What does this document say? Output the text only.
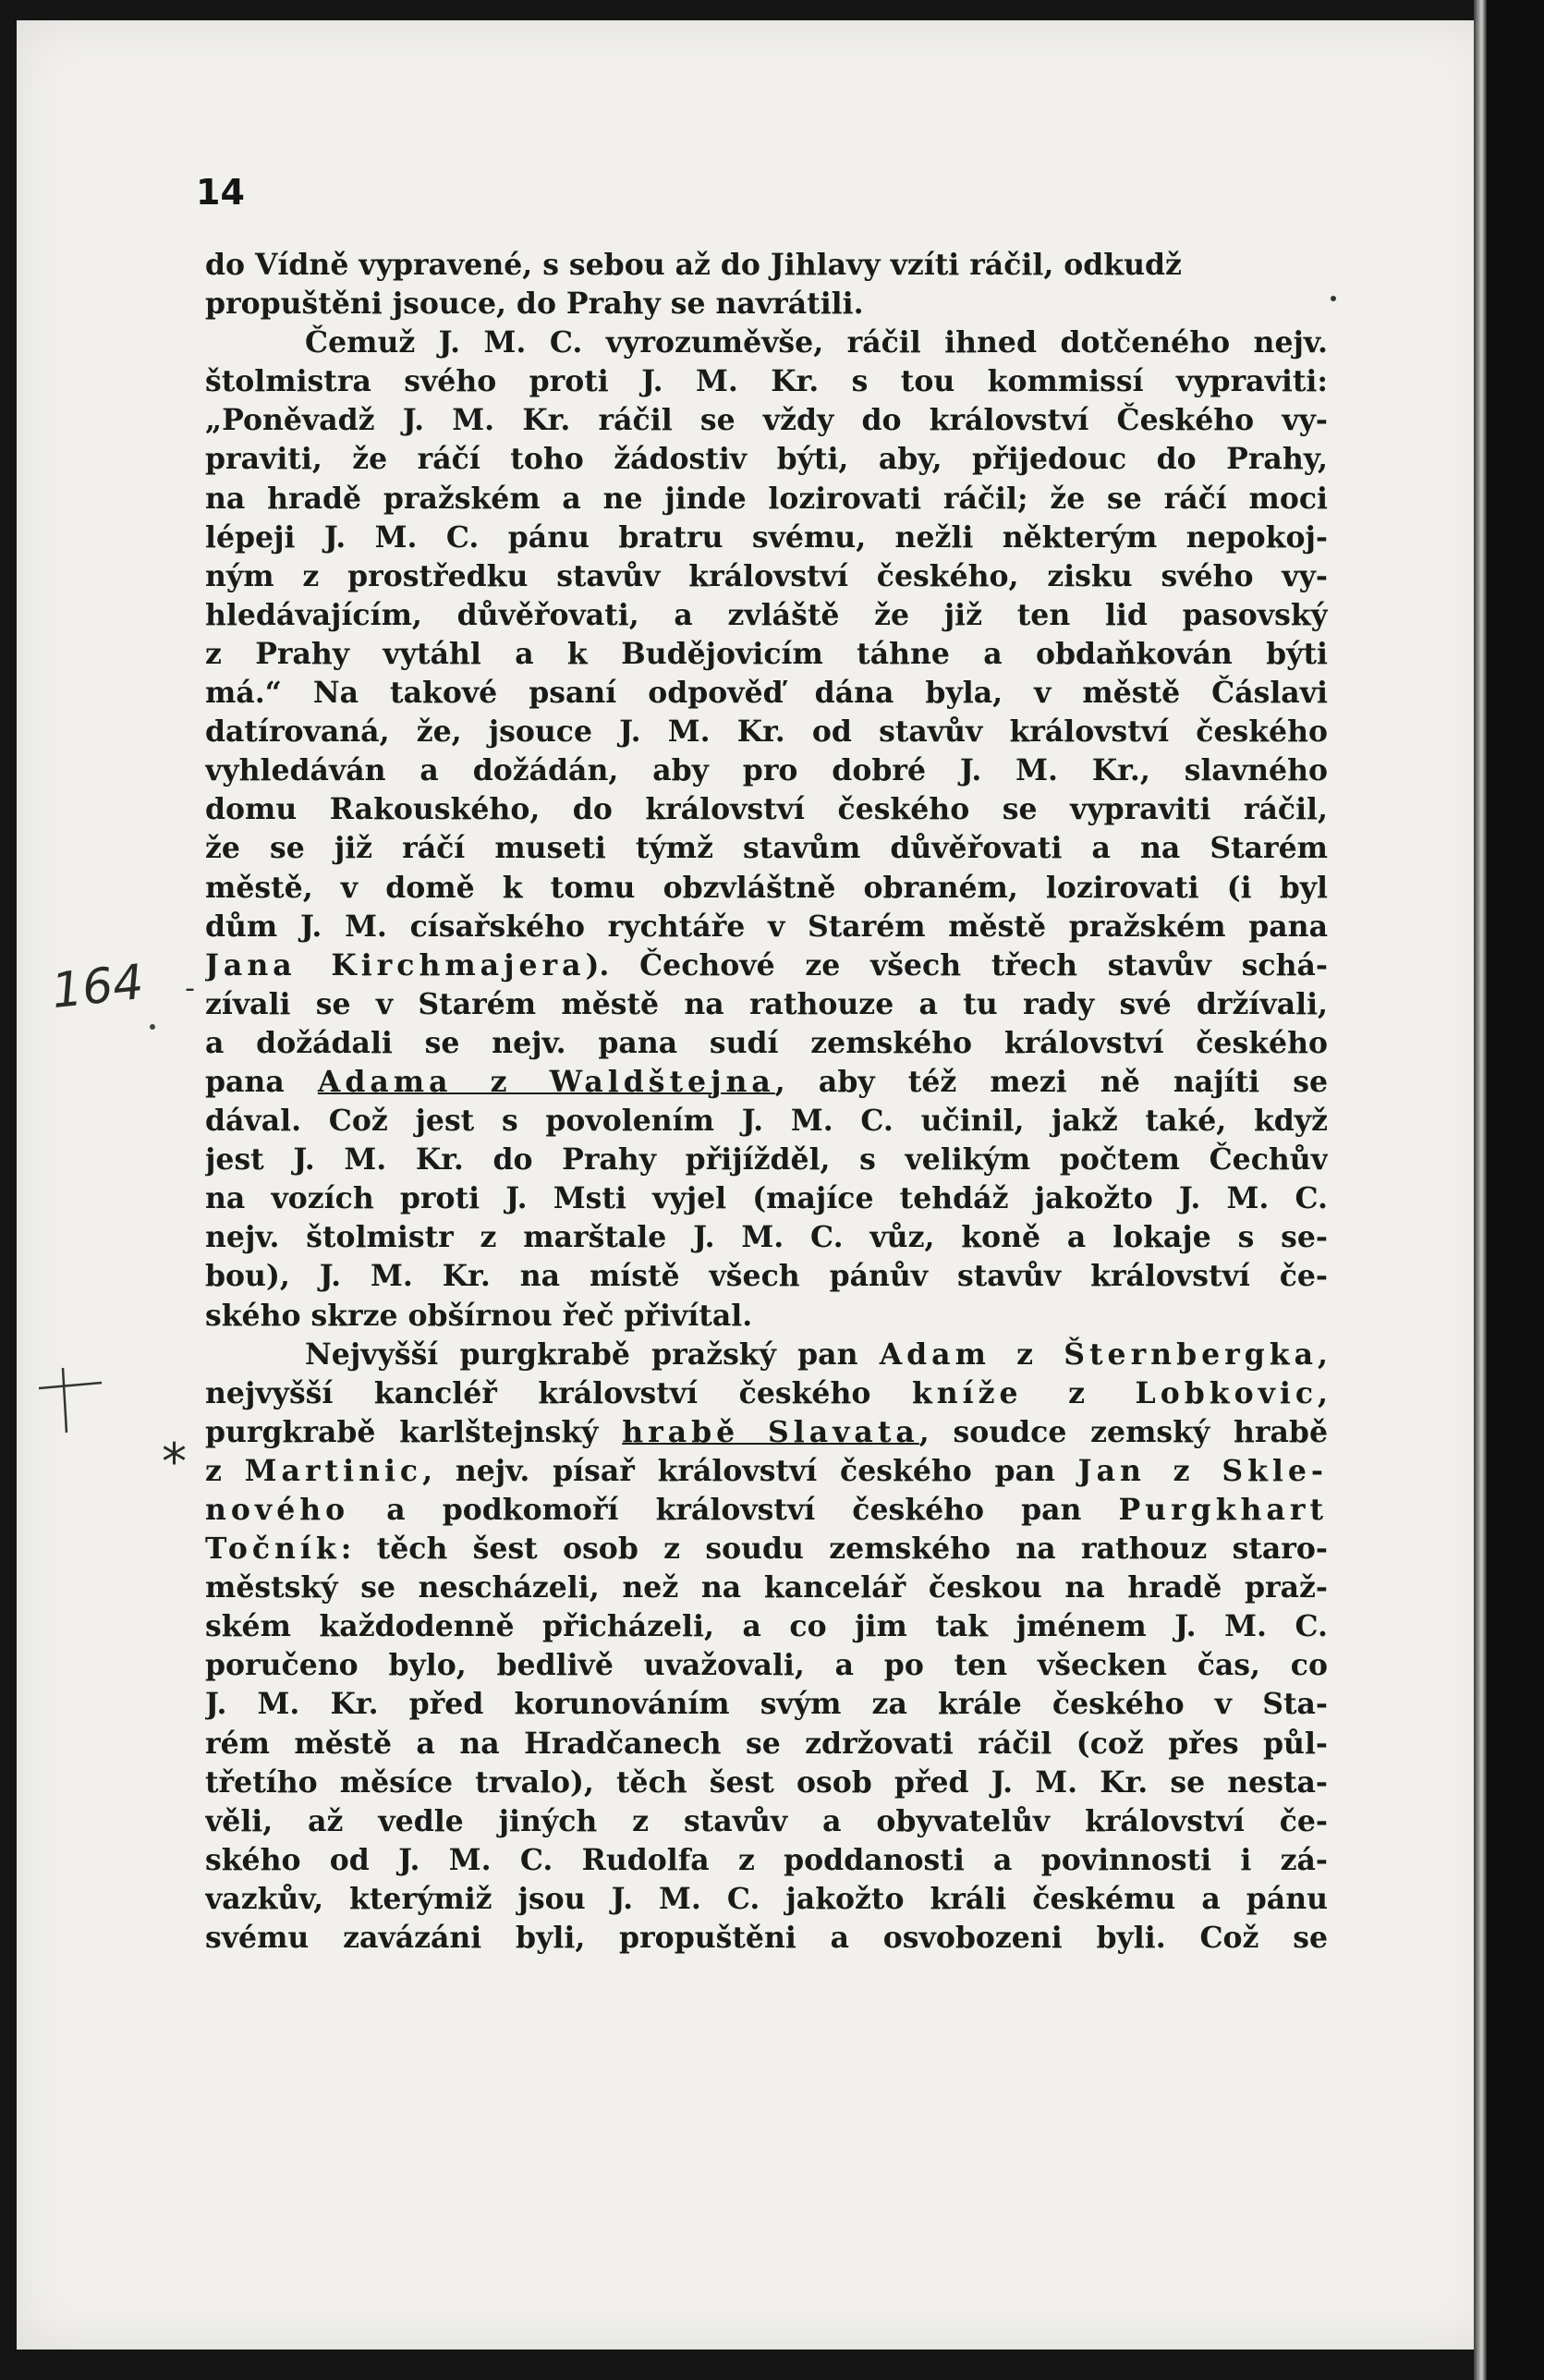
14
do Vídně vypravené, s sebou až do Jihlavy vzíti ráčil, odkudž
propuštěni jsouce, do Prahy se navrátili.
Čemuž J. M. C. vyrozuměvše, ráčil ihned dotčeného nejv.
štolmistra svého proti J. M. Kr. s tou kommissí vypraviti:
„Poněvadž J. M. Kr. ráčil se vždy do království Českého vy-
praviti, že ráčí toho žádostiv býti, aby, přijedouc do Prahy,
na hradě pražském a ne jinde lozirovati ráčil; že se ráčí moci
lépeji J. M. C. pánu bratru svému, nežli některým nepokoj-
ným z prostředku stavův království českého, zisku svého vy-
hledávajícím, důvěřovati, a zvláště že již ten lid pasovský
z Prahy vytáhl a k Budějovicím táhne a obdaňkován býti
má.“ Na takové psaní odpověď dána byla, v městě Čáslavi
datírovaná, že, jsouce J. M. Kr. od stavův království českého
vyhledáván a dožádán, aby pro dobré J. M. Kr., slavného
domu Rakouského, do království českého se vypraviti ráčil,
že se již ráčí museti týmž stavům důvěřovati a na Starém
městě, v domě k tomu obzvláštně obraném, lozirovati (i byl
dům J. M. císařského rychtáře v Starém městě pražském pana
Jana Kirchmajera). Čechové ze všech třech stavův schá-
zívali se v Starém městě na rathouze a tu rady své držívali,
a dožádali se nejv. pana sudí zemského království českého
pana Adama z Waldštejna, aby též mezi ně najíti se
dával. Což jest s povolením J. M. C. učinil, jakž také, když
jest J. M. Kr. do Prahy přijížděl, s velikým počtem Čechův
na vozích proti J. Msti vyjel (majíce tehdáž jakožto J. M. C.
nejv. štolmistr z marštale J. M. C. vůz, koně a lokaje s se-
bou), J. M. Kr. na místě všech pánův stavův království če-
ského skrze obšírnou řeč přivítal.
Nejvyšší purgkrabě pražský pan Adam z Šternbergka,
nejvyšší kancléř království českého kníže z Lobkovic,
purgkrabě karlštejnský hrabě Slavata, soudce zemský hrabě
z Martinic, nejv. písař království českého pan Jan z Skle-
nového a podkomoří království českého pan Purgkhart
Točník: těch šest osob z soudu zemského na rathouz staro-
městský se nescházeli, než na kancelář českou na hradě praž-
ském každodenně přicházeli, a co jim tak jménem J. M. C.
poručeno bylo, bedlivě uvažovali, a po ten všecken čas, co
J. M. Kr. před korunováním svým za krále českého v Sta-
rém městě a na Hradčanech se zdržovati ráčil (což přes půl-
třetího měsíce trvalo), těch šest osob před J. M. Kr. se nesta-
věli, až vedle jiných z stavův a obyvatelův království če-
ského od J. M. C. Rudolfa z poddanosti a povinnosti i zá-
vazkův, kterýmiž jsou J. M. C. jakožto králi českému a pánu
svému zavázáni byli, propuštěni a osvobozeni byli. Což se
164 -
*
